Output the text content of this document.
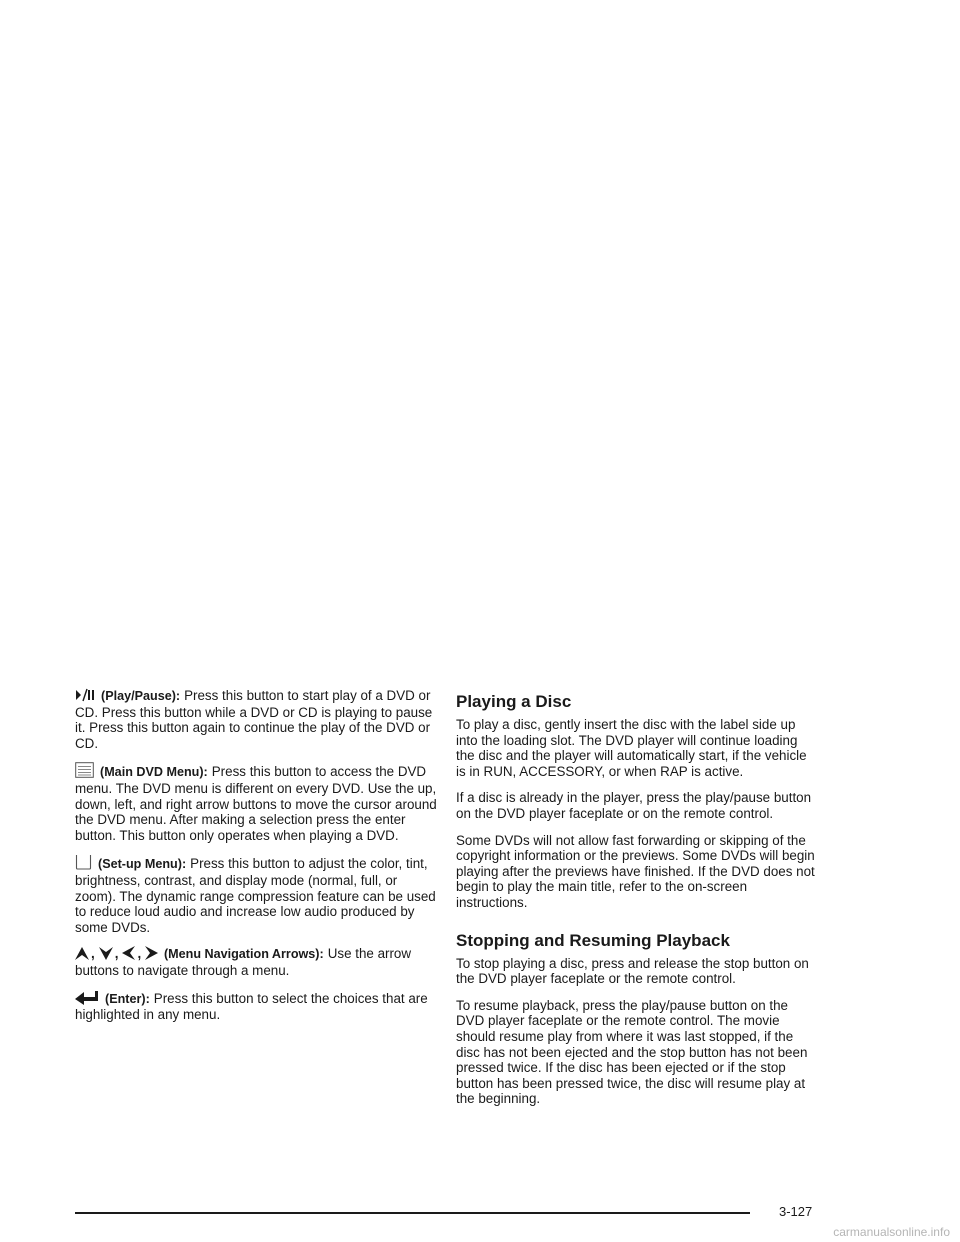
(Play/Pause): Press this button to start play of a DVD or CD. Press this button while a DVD or CD is playing to pause it. Press this button again to continue the play of the DVD or CD.

(Main DVD Menu): Press this button to access the DVD menu. The DVD menu is different on every DVD. Use the up, down, left, and right arrow buttons to move the cursor around the DVD menu. After making a selection press the enter button. This button only operates when playing a DVD.

(Set-up Menu): Press this button to adjust the color, tint, brightness, contrast, and display mode (normal, full, or zoom). The dynamic range compression feature can be used to reduce loud audio and increase low audio produced by some DVDs.

, , , (Menu Navigation Arrows): Use the arrow buttons to navigate through a menu.

(Enter): Press this button to select the choices that are highlighted in any menu.

Playing a Disc

To play a disc, gently insert the disc with the label side up into the loading slot. The DVD player will continue loading the disc and the player will automatically start, if the vehicle is in RUN, ACCESSORY, or when RAP is active.

If a disc is already in the player, press the play/pause button on the DVD player faceplate or on the remote control.

Some DVDs will not allow fast forwarding or skipping of the copyright information or the previews. Some DVDs will begin playing after the previews have finished. If the DVD does not begin to play the main title, refer to the on-screen instructions.

Stopping and Resuming Playback

To stop playing a disc, press and release the stop button on the DVD player faceplate or the remote control.

To resume playback, press the play/pause button on the DVD player faceplate or the remote control. The movie should resume play from where it was last stopped, if the disc has not been ejected and the stop button has not been pressed twice. If the disc has been ejected or if the stop button has been pressed twice, the disc will resume play at the beginning.

3-127
carmanualsonline.info
